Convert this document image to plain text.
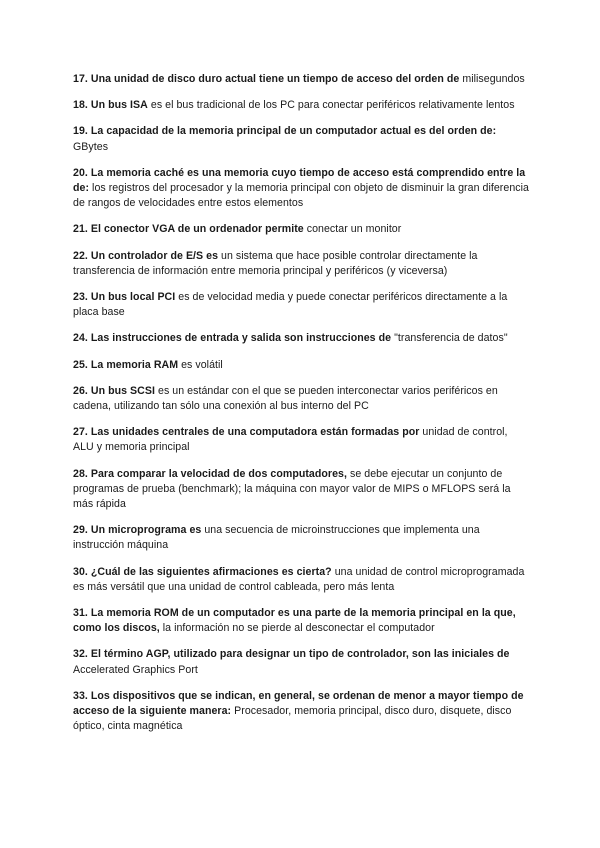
17. Una unidad de disco duro actual tiene un tiempo de acceso del orden de milisegundos
18. Un bus ISA es el bus tradicional de los PC para conectar periféricos relativamente lentos
19. La capacidad de la memoria principal de un computador actual es del orden de: GBytes
20. La memoria caché es una memoria cuyo tiempo de acceso está comprendido entre la de: los registros del procesador y la memoria principal con objeto de disminuir la gran diferencia de rangos de velocidades entre estos elementos
21. El conector VGA de un ordenador permite conectar un monitor
22. Un controlador de E/S es un sistema que hace posible controlar directamente la transferencia de información entre memoria principal y periféricos (y viceversa)
23. Un bus local PCI es de velocidad media y puede conectar periféricos directamente a la placa base
24. Las instrucciones de entrada y salida son instrucciones de "transferencia de datos"
25. La memoria RAM es volátil
26. Un bus SCSI es un estándar con el que se pueden interconectar varios periféricos en cadena, utilizando tan sólo una conexión al bus interno del PC
27. Las unidades centrales de una computadora están formadas por unidad de control, ALU y memoria principal
28. Para comparar la velocidad de dos computadores, se debe ejecutar un conjunto de programas de prueba (benchmark); la máquina con mayor valor de MIPS o MFLOPS será la más rápida
29. Un microprograma es una secuencia de microinstrucciones que implementa una instrucción máquina
30. ¿Cuál de las siguientes afirmaciones es cierta? una unidad de control microprogramada es más versátil que una unidad de control cableada, pero más lenta
31. La memoria ROM de un computador es una parte de la memoria principal en la que, como los discos, la información no se pierde al desconectar el computador
32. El término AGP, utilizado para designar un tipo de controlador, son las iniciales de Accelerated Graphics Port
33. Los dispositivos que se indican, en general, se ordenan de menor a mayor tiempo de acceso de la siguiente manera: Procesador, memoria principal, disco duro, disquete, disco óptico, cinta magnética
